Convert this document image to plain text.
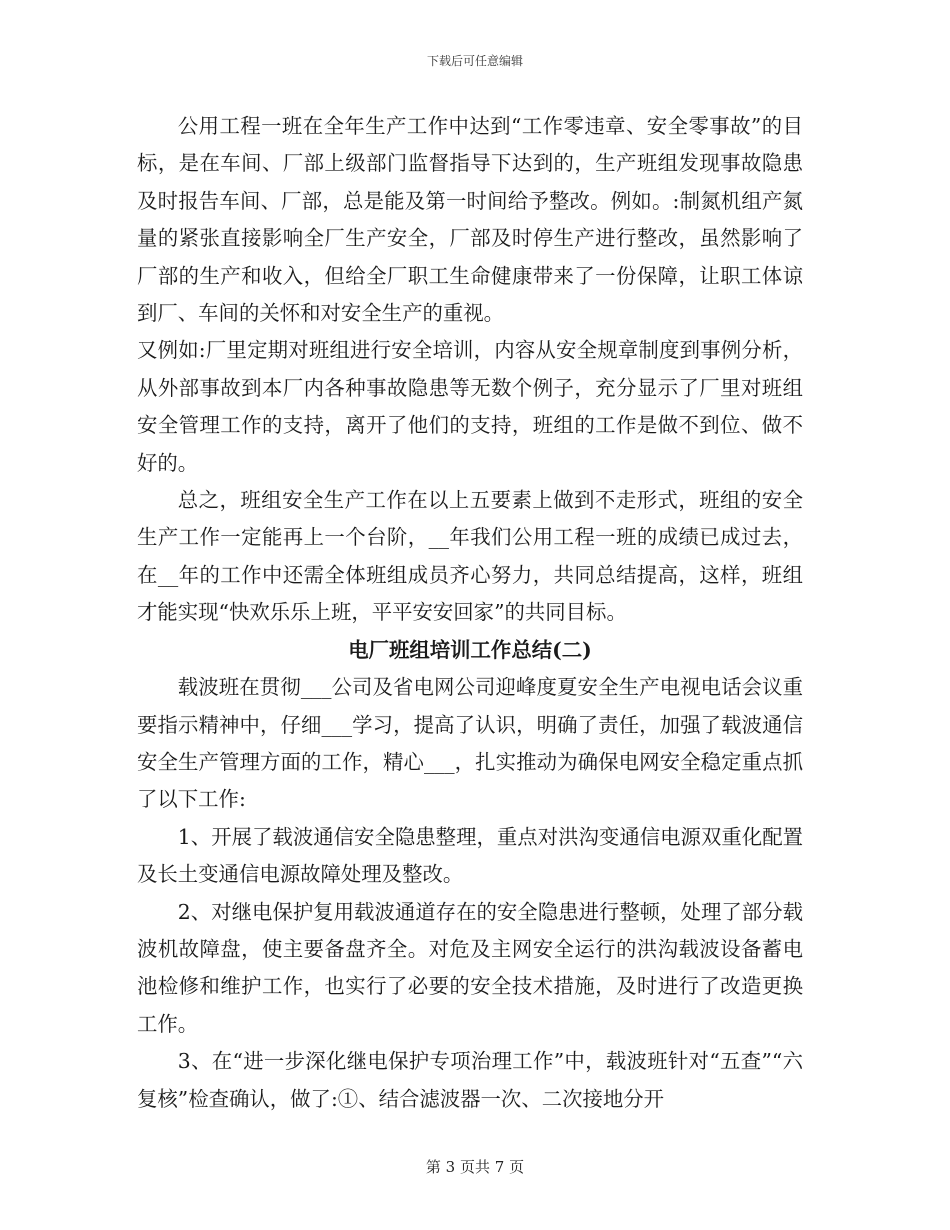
下载后可任意编辑

公用工程一班在全年生产工作中达到“工作零违章、安全零事故”的目标，是在车间、厂部上级部门监督指导下达到的，生产班组发现事故隐患及时报告车间、厂部，总是能及第一时间给予整改。例如。:制氮机组产氮量的紧张直接影响全厂生产安全，厂部及时停生产进行整改，虽然影响了厂部的生产和收入，但给全厂职工生命健康带来了一份保障，让职工体谅到厂、车间的关怀和对安全生产的重视。

又例如:厂里定期对班组进行安全培训，内容从安全规章制度到事例分析，从外部事故到本厂内各种事故隐患等无数个例子，充分显示了厂里对班组安全管理工作的支持，离开了他们的支持，班组的工作是做不到位、做不好的。

总之，班组安全生产工作在以上五要素上做到不走形式，班组的安全生产工作一定能再上一个台阶，__年我们公用工程一班的成绩已成过去，在__年的工作中还需全体班组成员齐心努力，共同总结提高，这样，班组才能实现“快欢乐乐上班，平平安安回家”的共同目标。

电厂班组培训工作总结(二)

载波班在贯彻___公司及省电网公司迎峰度夏安全生产电视电话会议重要指示精神中，仔细___学习，提高了认识，明确了责任，加强了载波通信安全生产管理方面的工作，精心___，扎实推动为确保电网安全稳定重点抓了以下工作:

1、开展了载波通信安全隐患整理，重点对洪沟变通信电源双重化配置及长土变通信电源故障处理及整改。

2、对继电保护复用载波通道存在的安全隐患进行整顿，处理了部分载波机故障盘，使主要备盘齐全。对危及主网安全运行的洪沟载波设备蓄电池检修和维护工作，也实行了必要的安全技术措施，及时进行了改造更换工作。

3、在“进一步深化继电保护专项治理工作”中，载波班针对“五查”“六复核”检查确认，做了:①、结合滤波器一次、二次接地分开

第 3 页共 7 页
